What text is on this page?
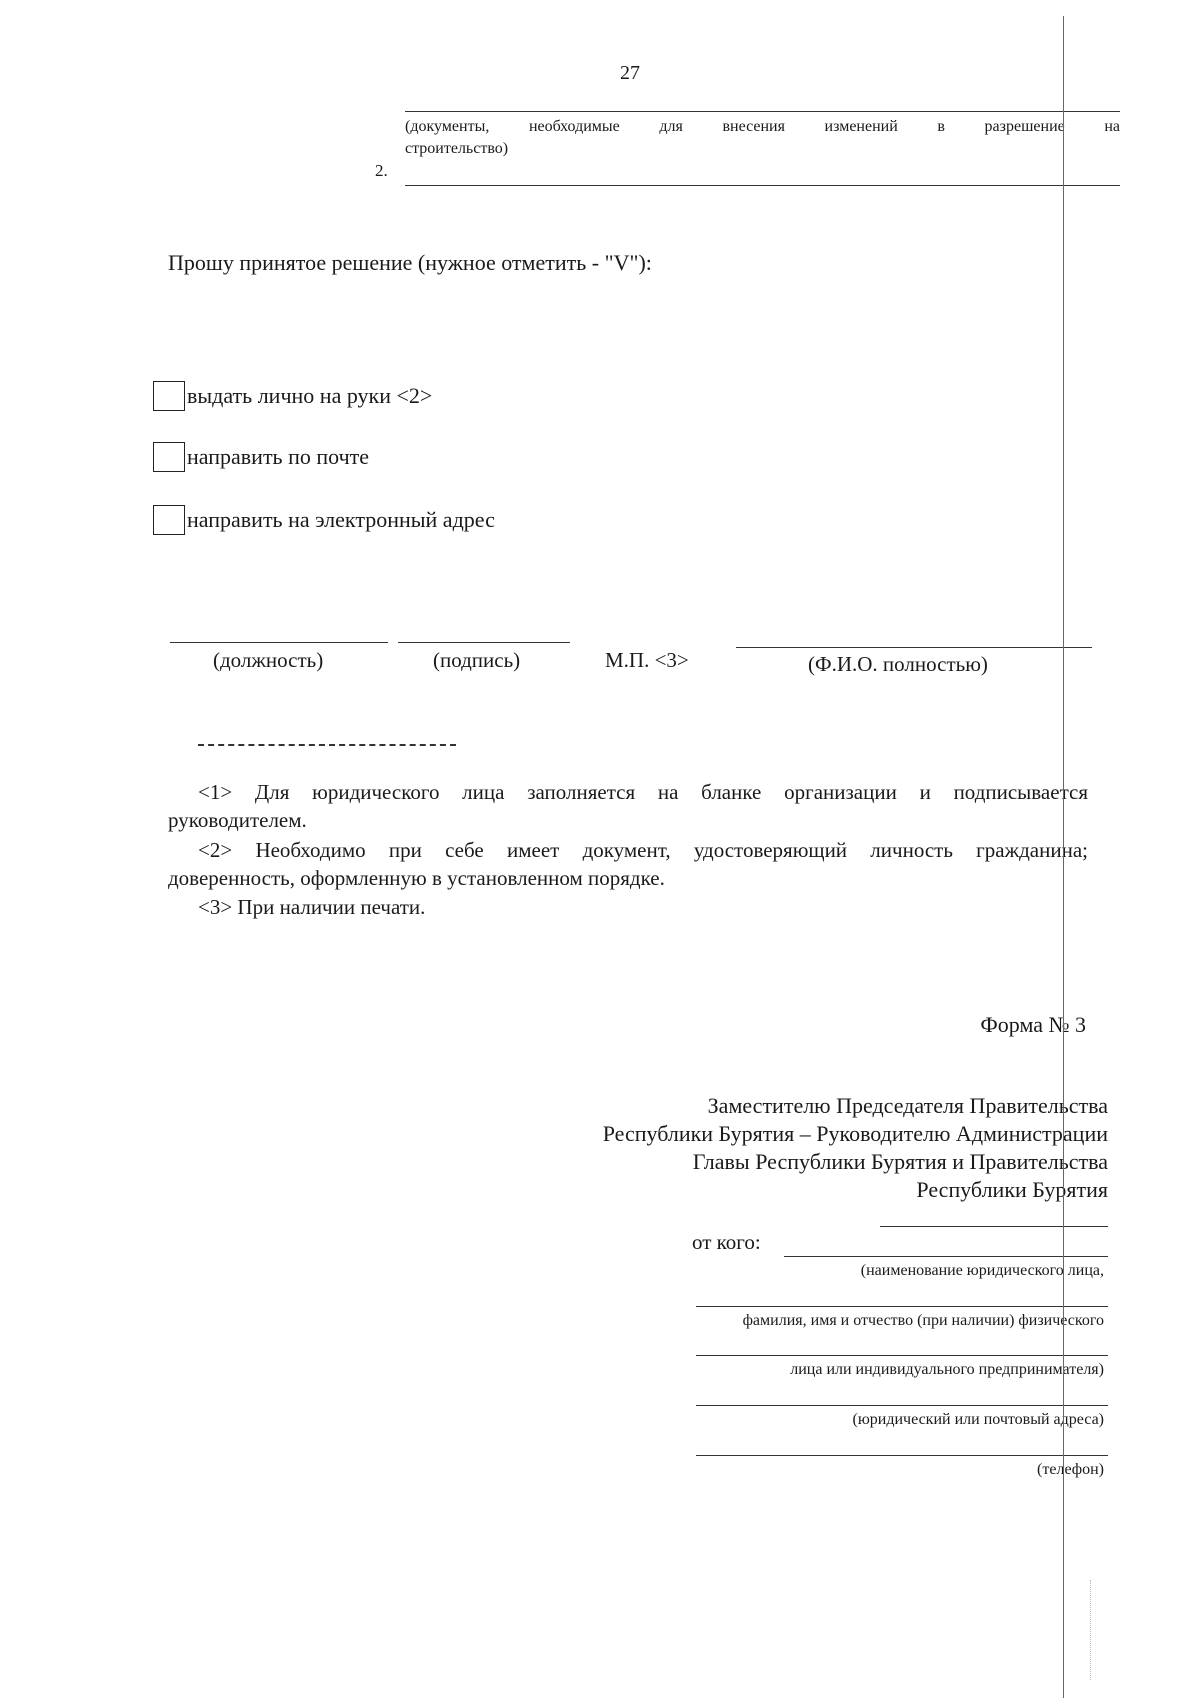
27
(документы, необходимые для внесения изменений в разрешение на
строительство)
2.
Прошу принятое решение (нужное отметить - "V"):
выдать лично на руки <2>
направить по почте
направить на электронный адрес
(должность)	(подпись)	М.П. <3>	(Ф.И.О. полностью)
<1> Для юридического лица заполняется на бланке организации и подписывается
руководителем.
<2> Необходимо при себе имеет документ, удостоверяющий личность гражданина;
доверенность, оформленную в установленном порядке.
<3> При наличии печати.
Форма № 3
Заместителю Председателя Правительства
Республики Бурятия – Руководителю Администрации
Главы Республики Бурятия и Правительства
Республики Бурятия
от кого:
(наименование юридического лица,
фамилия, имя и отчество (при наличии) физического
лица или индивидуального предпринимателя)
(юридический или почтовый адреса)
(телефон)
